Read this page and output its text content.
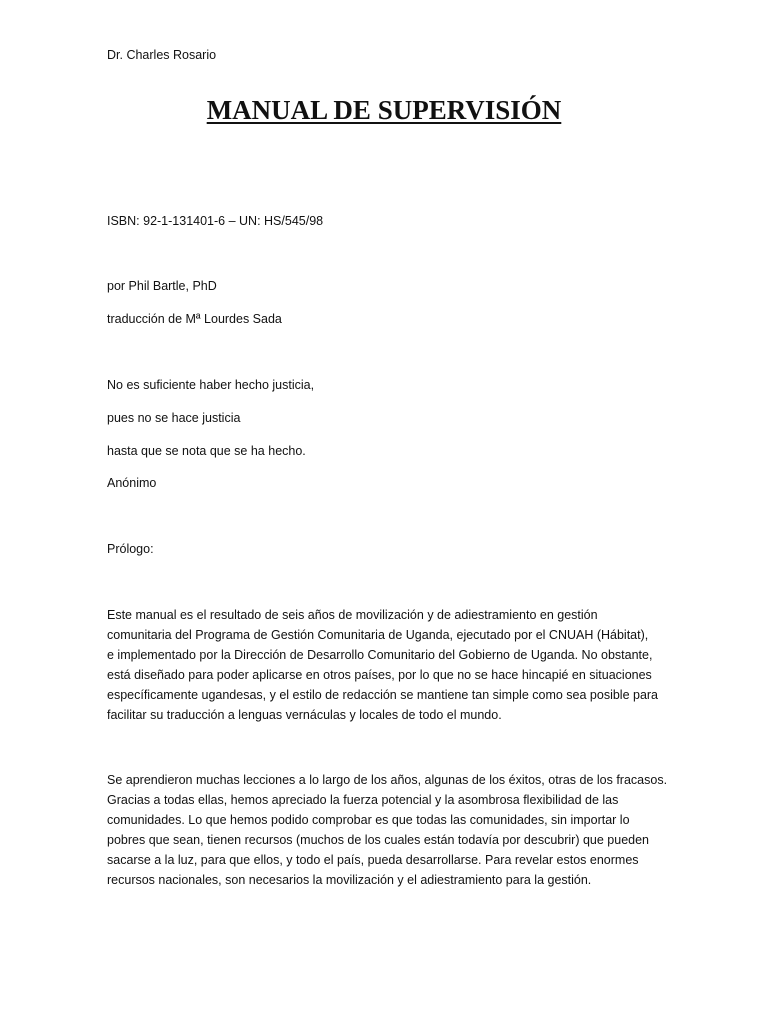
Dr. Charles Rosario

MANUAL DE SUPERVISIÓN

ISBN: 92-1-131401-6 – UN: HS/545/98

por Phil Bartle, PhD

traducción de Mª Lourdes Sada

No es suficiente haber hecho justicia,

pues no se hace justicia

hasta que se nota que se ha hecho.

Anónimo

Prólogo:

Este manual es el resultado de seis años de movilización y de adiestramiento en gestión
comunitaria del Programa de Gestión Comunitaria de Uganda, ejecutado por el CNUAH (Hábitat),
e implementado por la Dirección de Desarrollo Comunitario del Gobierno de Uganda. No obstante,
está diseñado para poder aplicarse en otros países, por lo que no se hace hincapié en situaciones
específicamente ugandesas, y el estilo de redacción se mantiene tan simple como sea posible para
facilitar su traducción a lenguas vernáculas y locales de todo el mundo.
Se aprendieron muchas lecciones a lo largo de los años, algunas de los éxitos, otras de los fracasos.
Gracias a todas ellas, hemos apreciado la fuerza potencial y la asombrosa flexibilidad de las
comunidades. Lo que hemos podido comprobar es que todas las comunidades, sin importar lo
pobres que sean, tienen recursos (muchos de los cuales están todavía por descubrir) que pueden
sacarse a la luz, para que ellos, y todo el país, pueda desarrollarse. Para revelar estos enormes
recursos nacionales, son necesarios la movilización y el adiestramiento para la gestión.
